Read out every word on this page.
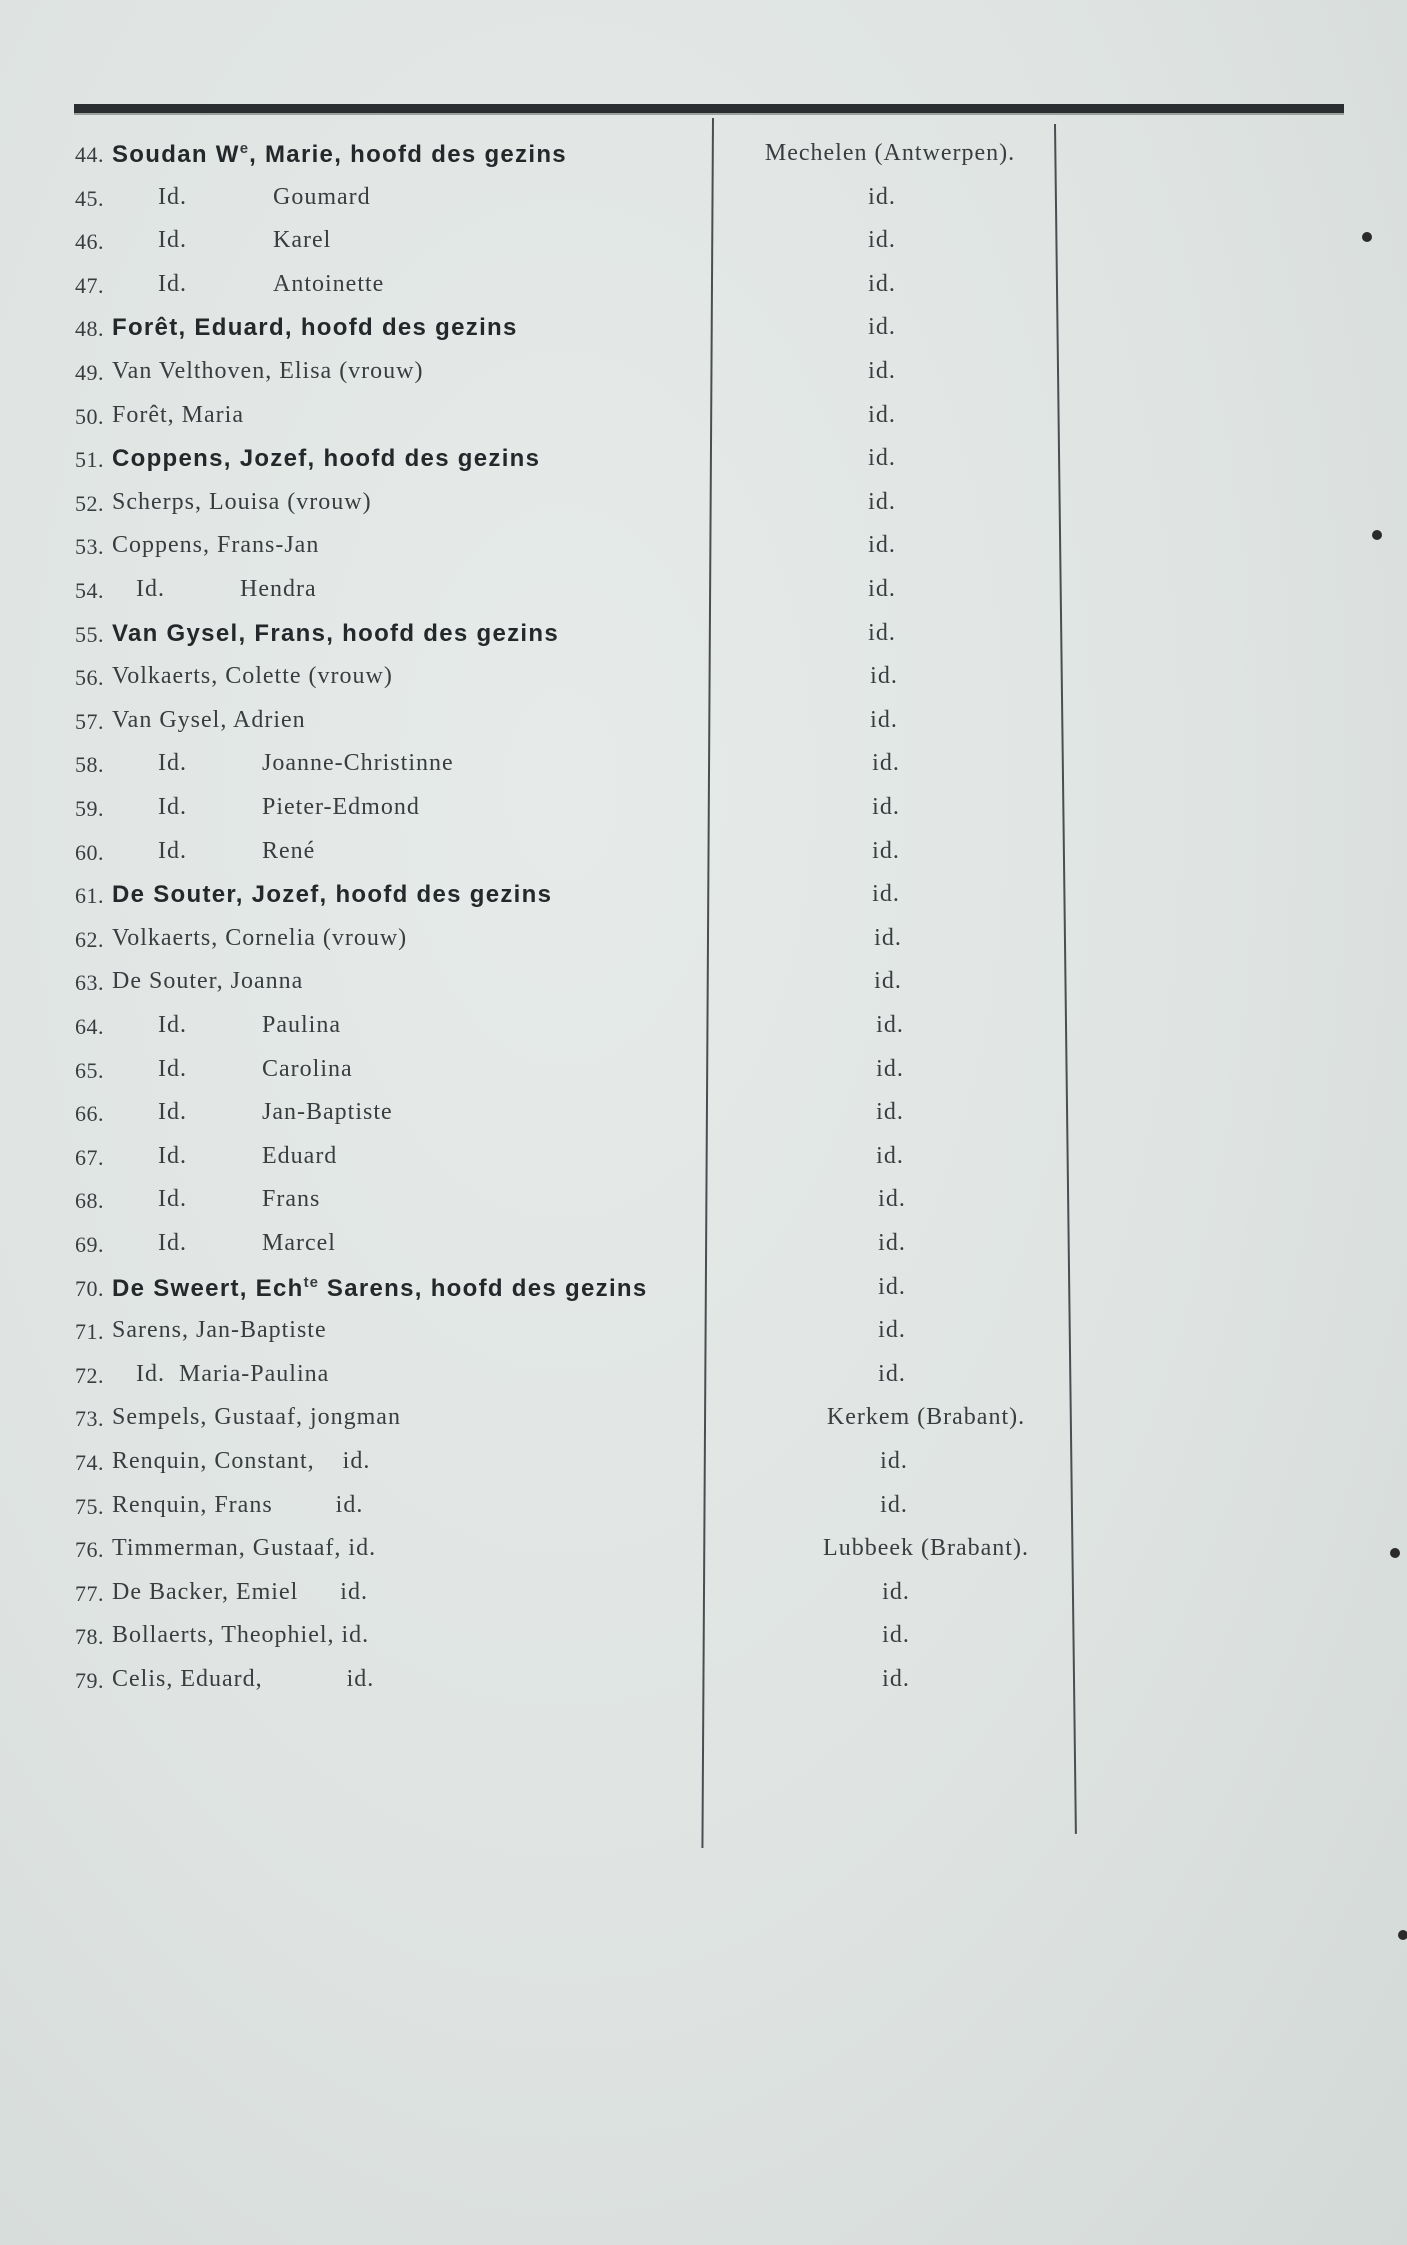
44. Soudan $W^e$, Marie, hoofd des gezins	Mechelen (Antwerpen).
45.	Id.	Goumard	id.
46.	Id.	Karel	id.
47.	Id.	Antoinette	id.
48. Forêt, Eduard, hoofd des gezins	id.
49. Van Velthoven, Elisa (vrouw)	id.
50. Forêt, Maria	id.
51. Coppens, Jozef, hoofd des gezins	id.
52. Scherps, Louisa (vrouw)	id.
53. Coppens, Frans-Jan	id.
54.	Id.	Hendra	id.
55. Van Gysel, Frans, hoofd des gezins	id.
56. Volkaerts, Colette (vrouw)	id.
57. Van Gysel, Adrien	id.
58.	Id.	Joanne-Christinne	id.
59.	Id.	Pieter-Edmond	id.
60.	Id.	René	id.
61. De Souter, Jozef, hoofd des gezins	id.
62. Volkaerts, Cornelia (vrouw)	id.
63. De Souter, Joanna	id.
64.	Id.	Paulina	id.
65.	Id.	Carolina	id.
66.	Id.	Jan-Baptiste	id.
67.	Id.	Eduard	id.
68.	Id.	Frans	id.
69.	Id.	Marcel	id.
70. De Sweert, Ech$^{te}$ Sarens, hoofd des gezins	id.
71. Sarens, Jan-Baptiste	id.
72.	Id.  Maria-Paulina	id.
73. Sempels, Gustaaf, jongman	Kerkem (Brabant).
74. Renquin, Constant,    id.	id.
75. Renquin, Frans         id.	id.
76. Timmerman, Gustaaf, id.	Lubbeek (Brabant).
77. De Backer, Emiel      id.	id.
78. Bollaerts, Theophiel, id.	id.
79. Celis, Eduard,            id.	id.
